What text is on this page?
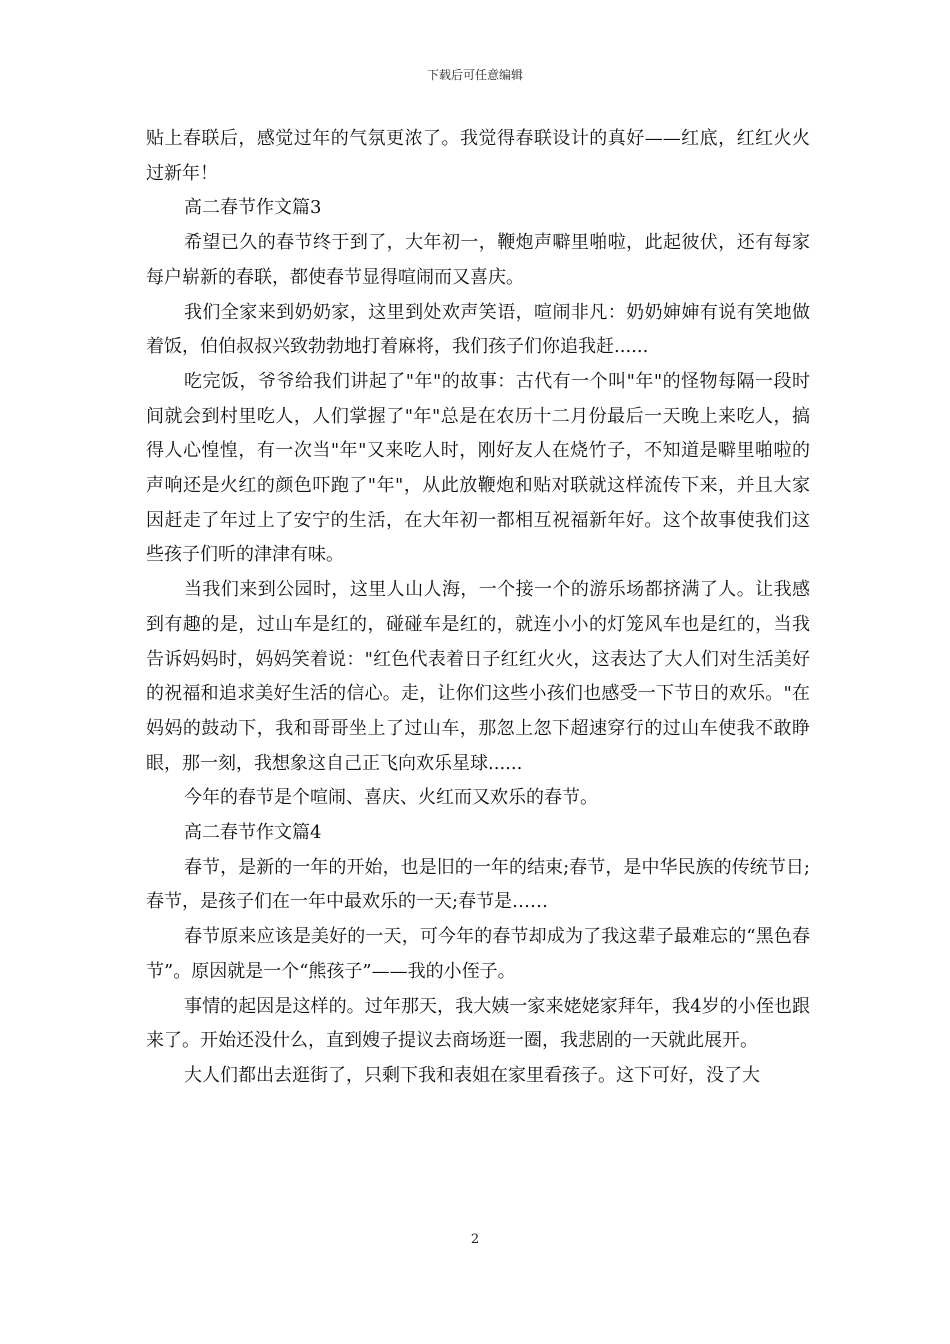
下载后可任意编辑

贴上春联后，感觉过年的气氛更浓了。我觉得春联设计的真好——红底，红红火火过新年！

高二春节作文篇3

希望已久的春节终于到了，大年初一，鞭炮声噼里啪啦，此起彼伏，还有每家每户崭新的春联，都使春节显得喧闹而又喜庆。

我们全家来到奶奶家，这里到处欢声笑语，喧闹非凡：奶奶婶婶有说有笑地做着饭，伯伯叔叔兴致勃勃地打着麻将，我们孩子们你追我赶......

吃完饭，爷爷给我们讲起了"年"的故事：古代有一个叫"年"的怪物每隔一段时间就会到村里吃人，人们掌握了"年"总是在农历十二月份最后一天晚上来吃人，搞得人心惶惶，有一次当"年"又来吃人时，刚好友人在烧竹子，不知道是噼里啪啦的声响还是火红的颜色吓跑了"年"，从此放鞭炮和贴对联就这样流传下来，并且大家因赶走了年过上了安宁的生活，在大年初一都相互祝福新年好。这个故事使我们这些孩子们听的津津有味。

当我们来到公园时，这里人山人海，一个接一个的游乐场都挤满了人。让我感到有趣的是，过山车是红的，碰碰车是红的，就连小小的灯笼风车也是红的，当我告诉妈妈时，妈妈笑着说："红色代表着日子红红火火，这表达了大人们对生活美好的祝福和追求美好生活的信心。走，让你们这些小孩们也感受一下节日的欢乐。"在妈妈的鼓动下，我和哥哥坐上了过山车，那忽上忽下超速穿行的过山车使我不敢睁眼，那一刻，我想象这自己正飞向欢乐星球......

今年的春节是个喧闹、喜庆、火红而又欢乐的春节。

高二春节作文篇4

春节，是新的一年的开始，也是旧的一年的结束;春节，是中华民族的传统节日;春节，是孩子们在一年中最欢乐的一天;春节是……

春节原来应该是美好的一天，可今年的春节却成为了我这辈子最难忘的“黑色春节”。原因就是一个“熊孩子”——我的小侄子。

事情的起因是这样的。过年那天，我大姨一家来姥姥家拜年，我4岁的小侄也跟来了。开始还没什么，直到嫂子提议去商场逛一圈，我悲剧的一天就此展开。

大人们都出去逛街了，只剩下我和表姐在家里看孩子。这下可好，没了大

2
